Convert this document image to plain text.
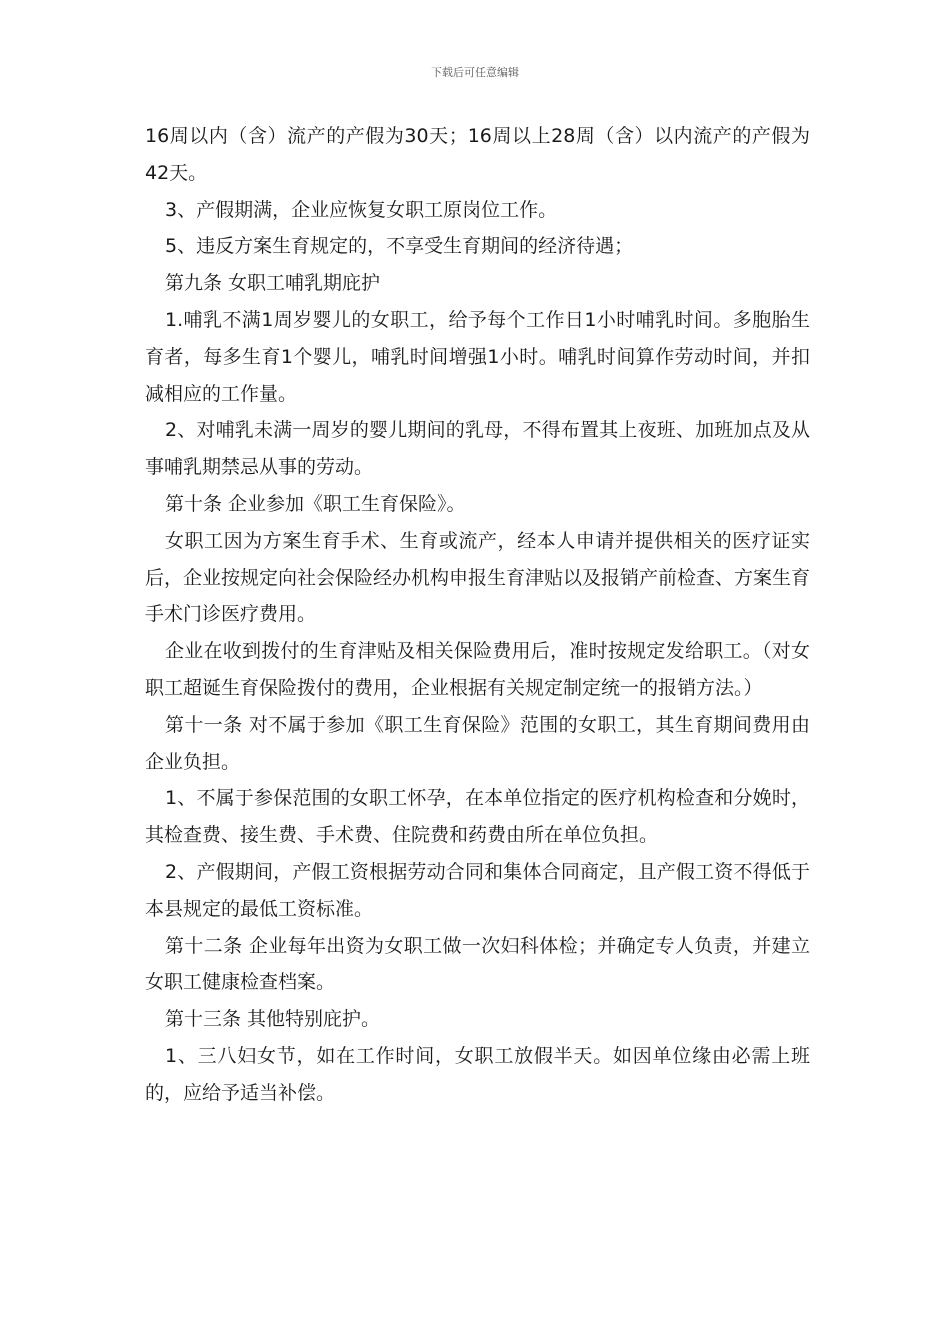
下载后可任意编辑

16周以内（含）流产的产假为30天；16周以上28周（含）以内流产的产假为42天。

3、产假期满，企业应恢复女职工原岗位工作。

5、违反方案生育规定的，不享受生育期间的经济待遇；

第九条 女职工哺乳期庇护

1.哺乳不满1周岁婴儿的女职工，给予每个工作日1小时哺乳时间。多胞胎生育者，每多生育1个婴儿，哺乳时间增强1小时。哺乳时间算作劳动时间，并扣减相应的工作量。

2、对哺乳未满一周岁的婴儿期间的乳母，不得布置其上夜班、加班加点及从事哺乳期禁忌从事的劳动。

第十条 企业参加《职工生育保险》。

女职工因为方案生育手术、生育或流产，经本人申请并提供相关的医疗证实后，企业按规定向社会保险经办机构申报生育津贴以及报销产前检查、方案生育手术门诊医疗费用。

企业在收到拨付的生育津贴及相关保险费用后，准时按规定发给职工。（对女职工超诞生育保险拨付的费用，企业根据有关规定制定统一的报销方法。）

第十一条 对不属于参加《职工生育保险》范围的女职工，其生育期间费用由企业负担。

1、不属于参保范围的女职工怀孕，在本单位指定的医疗机构检查和分娩时，其检查费、接生费、手术费、住院费和药费由所在单位负担。

2、产假期间，产假工资根据劳动合同和集体合同商定，且产假工资不得低于本县规定的最低工资标准。

第十二条 企业每年出资为女职工做一次妇科体检；并确定专人负责，并建立女职工健康检查档案。

第十三条 其他特别庇护。

1、三八妇女节，如在工作时间，女职工放假半天。如因单位缘由必需上班的，应给予适当补偿。
